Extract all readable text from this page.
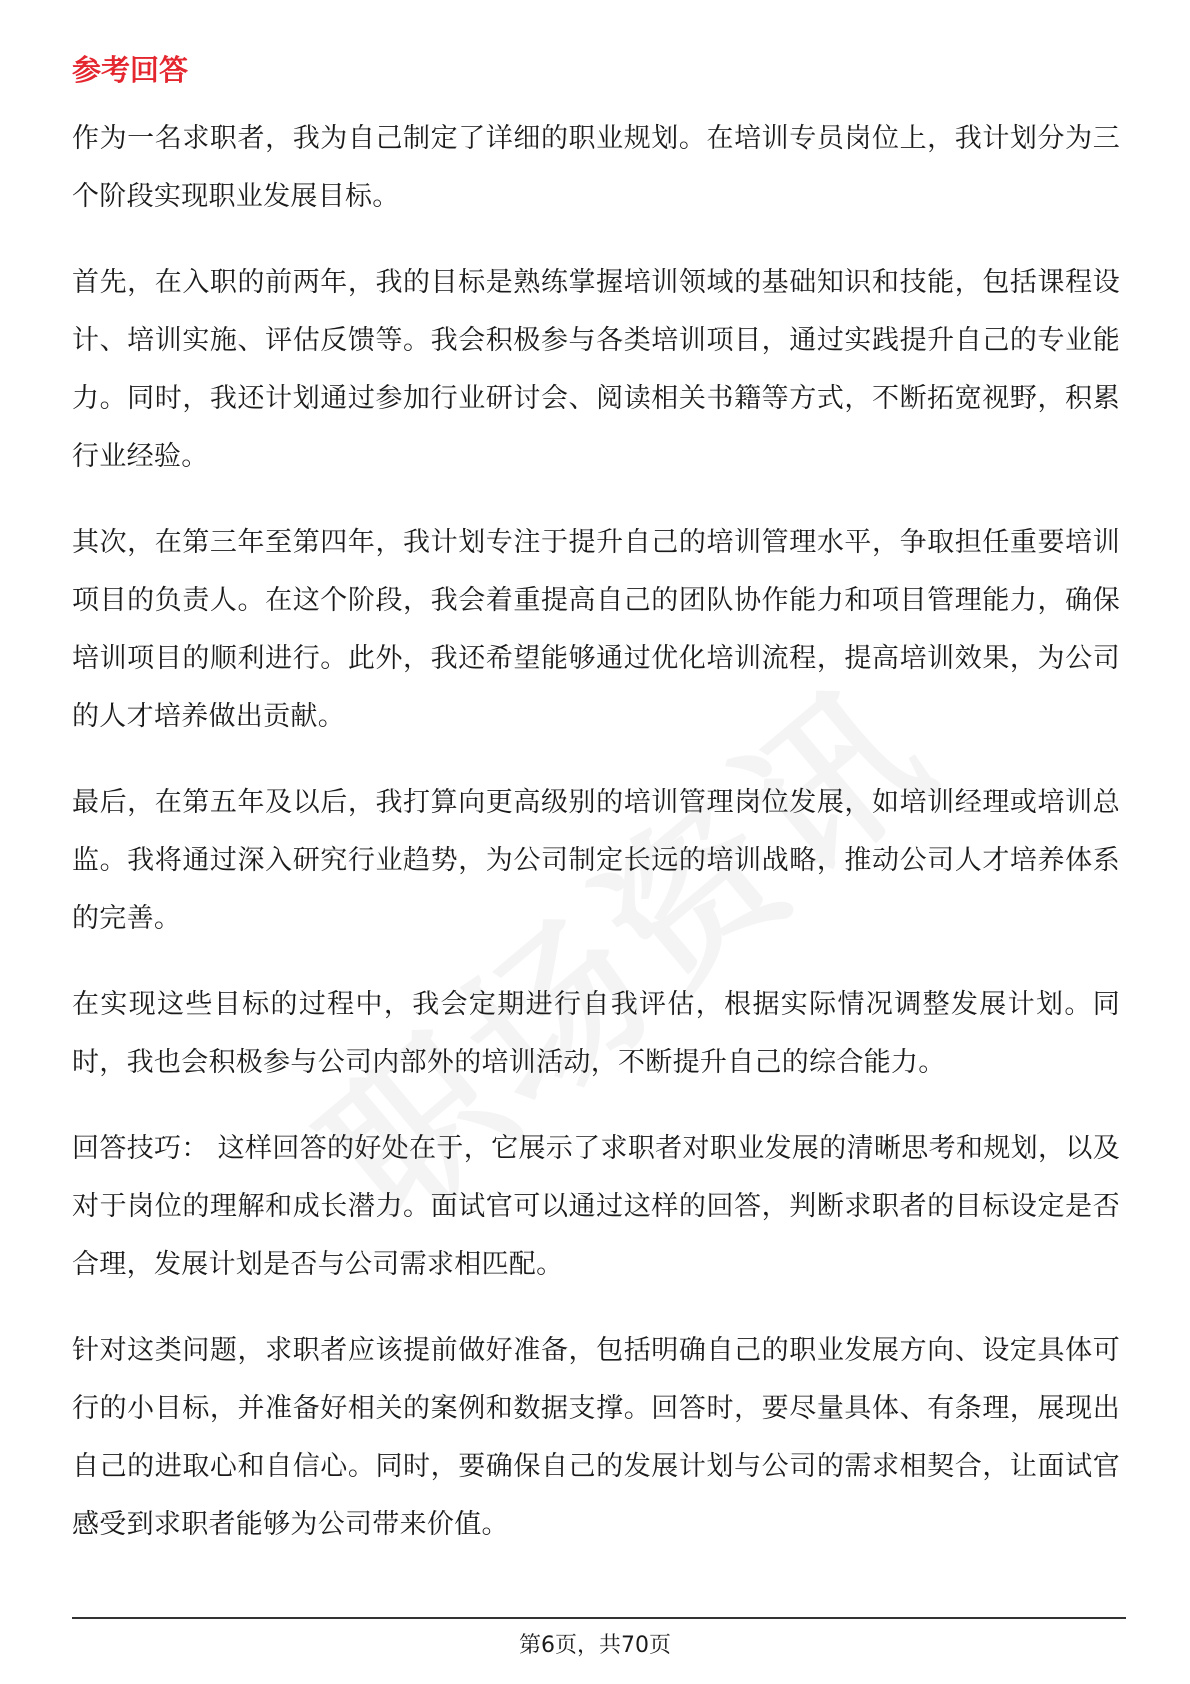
参考回答

作为一名求职者，我为自己制定了详细的职业规划。在培训专员岗位上，我计划分为三个阶段实现职业发展目标。

首先，在入职的前两年，我的目标是熟练掌握培训领域的基础知识和技能，包括课程设计、培训实施、评估反馈等。我会积极参与各类培训项目，通过实践提升自己的专业能力。同时，我还计划通过参加行业研讨会、阅读相关书籍等方式，不断拓宽视野，积累行业经验。

其次，在第三年至第四年，我计划专注于提升自己的培训管理水平，争取担任重要培训项目的负责人。在这个阶段，我会着重提高自己的团队协作能力和项目管理能力，确保培训项目的顺利进行。此外，我还希望能够通过优化培训流程，提高培训效果，为公司的人才培养做出贡献。

最后，在第五年及以后，我打算向更高级别的培训管理岗位发展，如培训经理或培训总监。我将通过深入研究行业趋势，为公司制定长远的培训战略，推动公司人才培养体系的完善。

在实现这些目标的过程中，我会定期进行自我评估，根据实际情况调整发展计划。同时，我也会积极参与公司内部外的培训活动，不断提升自己的综合能力。

回答技巧： 这样回答的好处在于，它展示了求职者对职业发展的清晰思考和规划，以及对于岗位的理解和成长潜力。面试官可以通过这样的回答，判断求职者的目标设定是否合理，发展计划是否与公司需求相匹配。

针对这类问题，求职者应该提前做好准备，包括明确自己的职业发展方向、设定具体可行的小目标，并准备好相关的案例和数据支撑。回答时，要尽量具体、有条理，展现出自己的进取心和自信心。同时，要确保自己的发展计划与公司的需求相契合，让面试官感受到求职者能够为公司带来价值。

第6页，共70页
